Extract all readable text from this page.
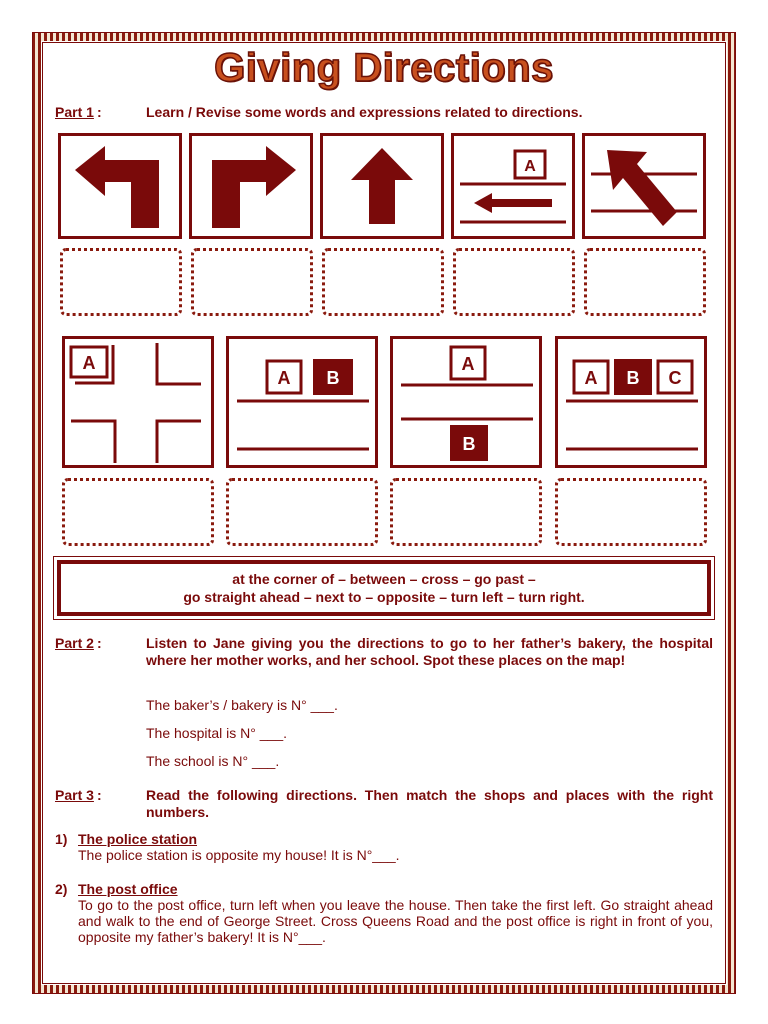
Giving Directions
Part 1 :	Learn / Revise some words and expressions related to directions.
A
A
A B
A
B
A B C
at the corner of – between – cross – go past –
go straight ahead – next to – opposite – turn left – turn right.
Part 2 :	Listen to Jane giving you the directions to go to her father’s bakery, the hospital where her mother works, and her school. Spot these places on the map!
The baker’s / bakery is N° ___.
The hospital is N° ___.
The school is N° ___.
Part 3 :	Read the following directions. Then match the shops and places with the right numbers.
1) The police station
The police station is opposite my house! It is N°___.
2) The post office
To go to the post office, turn left when you leave the house. Then take the first left. Go straight ahead and walk to the end of George Street. Cross Queens Road and the post office is right in front of you, opposite my father’s bakery! It is N°___.
